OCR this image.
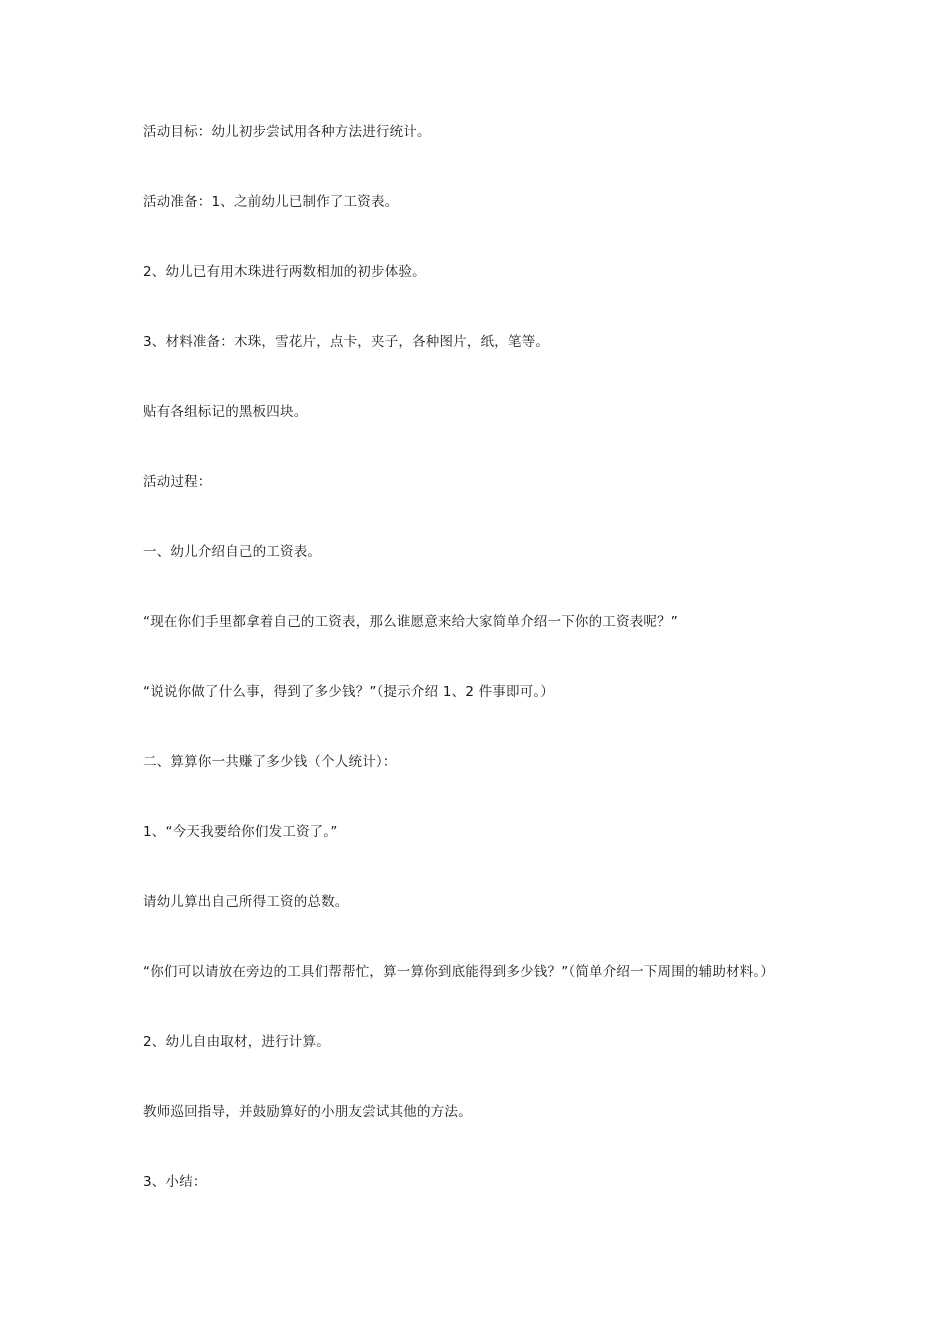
活动目标：幼儿初步尝试用各种方法进行统计。

活动准备：1、之前幼儿已制作了工资表。

2、幼儿已有用木珠进行两数相加的初步体验。

3、材料准备：木珠，雪花片，点卡，夹子，各种图片，纸，笔等。

贴有各组标记的黑板四块。

活动过程：

一、幼儿介绍自己的工资表。

“现在你们手里都拿着自己的工资表，那么谁愿意来给大家简单介绍一下你的工资表呢？”

“说说你做了什么事，得到了多少钱？”（提示介绍 1、2 件事即可。）

二、算算你一共赚了多少钱（个人统计）：

1、“今天我要给你们发工资了。”

请幼儿算出自己所得工资的总数。

“你们可以请放在旁边的工具们帮帮忙，算一算你到底能得到多少钱？”（简单介绍一下周围的辅助材料。）

2、幼儿自由取材，进行计算。

教师巡回指导，并鼓励算好的小朋友尝试其他的方法。

3、小结：
